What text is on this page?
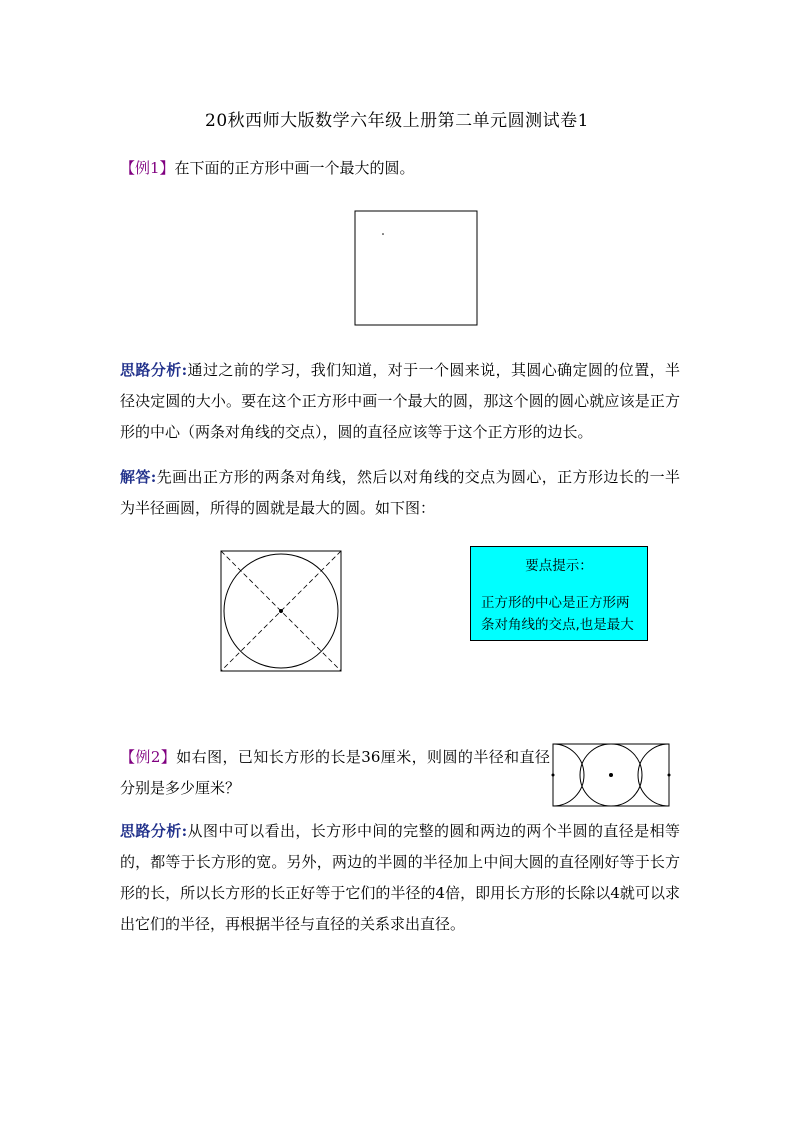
20秋西师大版数学六年级上册第二单元圆测试卷1
【例1】在下面的正方形中画一个最大的圆。
思路分析:通过之前的学习，我们知道，对于一个圆来说，其圆心确定圆的位置，半径决定圆的大小。要在这个正方形中画一个最大的圆，那这个圆的圆心就应该是正方形的中心（两条对角线的交点），圆的直径应该等于这个正方形的边长。
解答:先画出正方形的两条对角线，然后以对角线的交点为圆心，正方形边长的一半为半径画圆，所得的圆就是最大的圆。如下图：
要点提示：
正方形的中心是正方形两条对角线的交点,也是最大
【例2】如右图，已知长方形的长是36厘米，则圆的半径和直径分别是多少厘米？
思路分析:从图中可以看出，长方形中间的完整的圆和两边的两个半圆的直径是相等的，都等于长方形的宽。另外，两边的半圆的半径加上中间大圆的直径刚好等于长方形的长，所以长方形的长正好等于它们的半径的4倍，即用长方形的长除以4就可以求出它们的半径，再根据半径与直径的关系求出直径。
